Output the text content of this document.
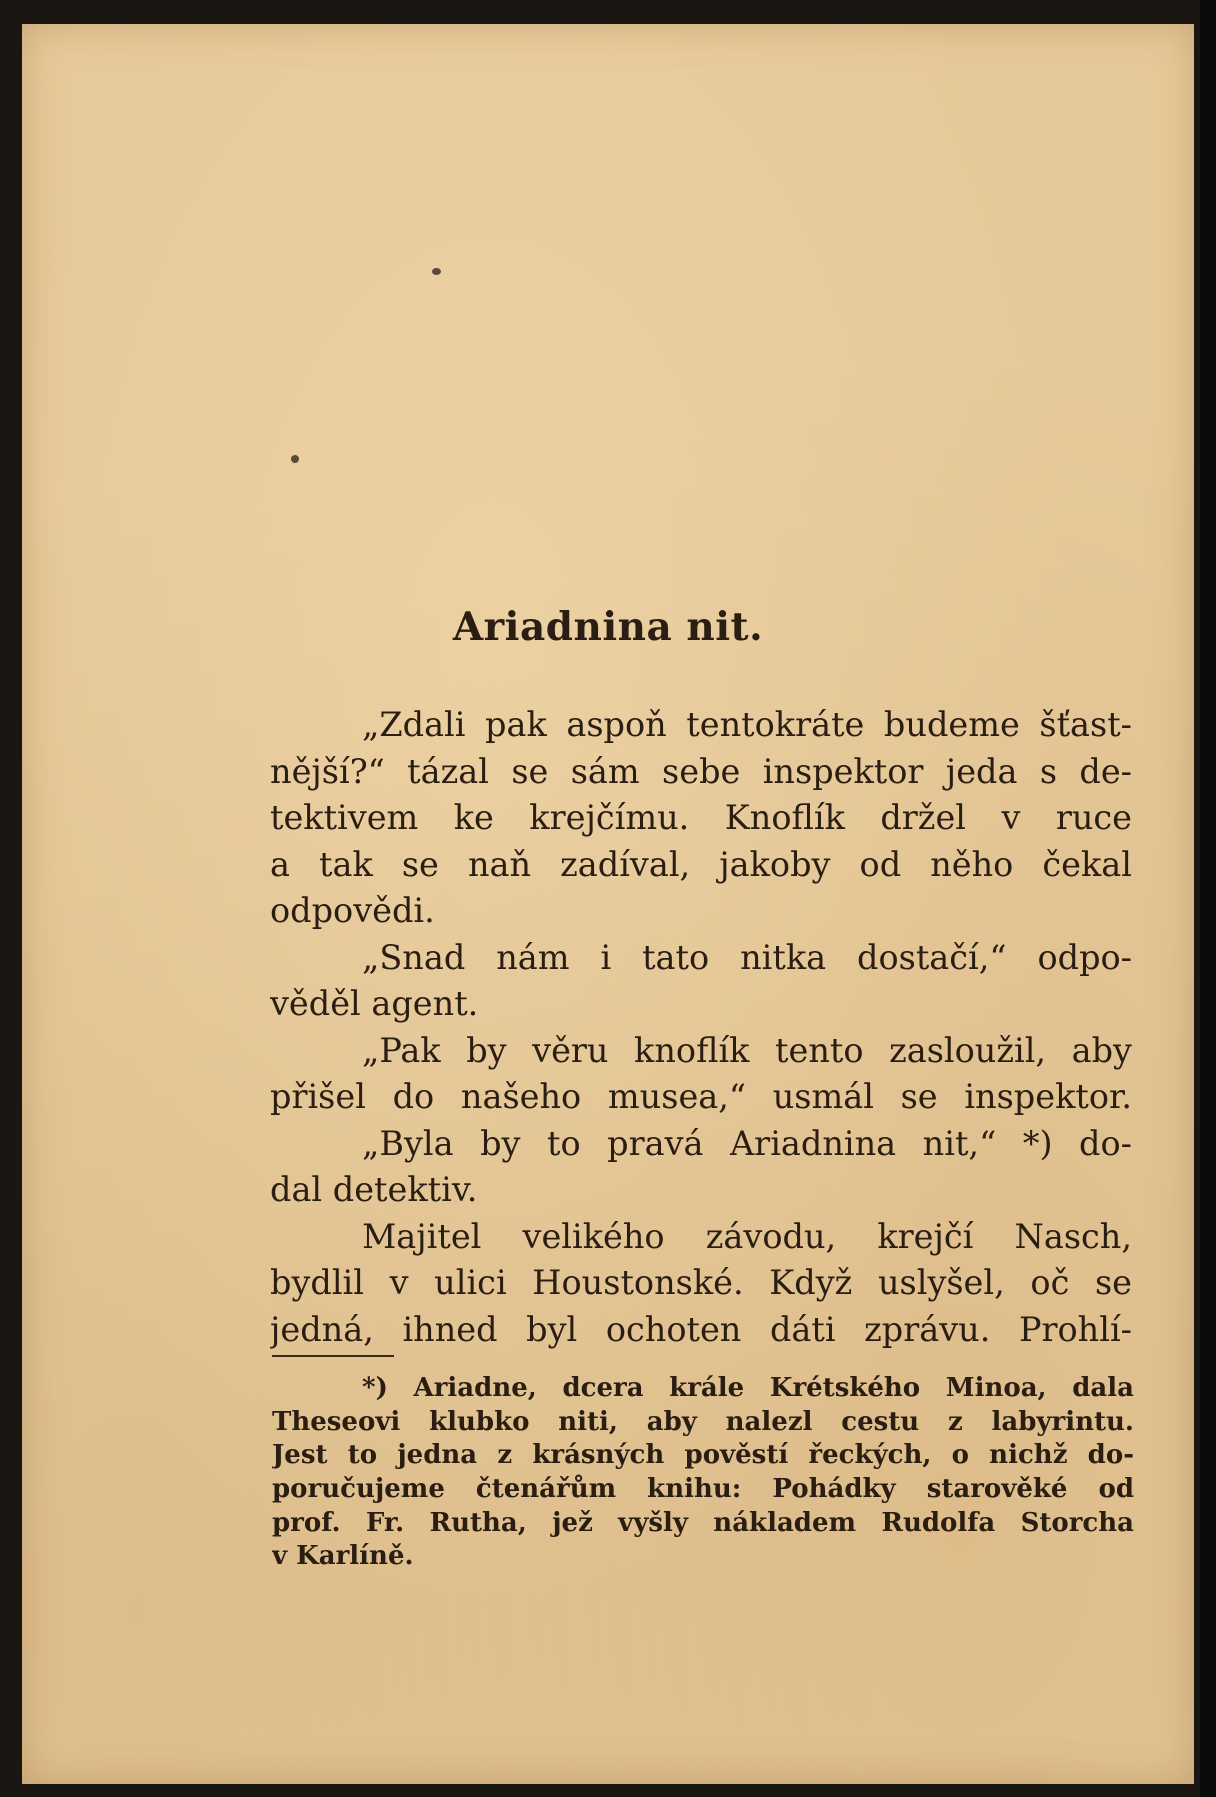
Ariadnina nit.
„Zdali pak aspoň tentokráte budeme šťast-
nější?“ tázal se sám sebe inspektor jeda s de-
tektivem ke krejčímu. Knoflík držel v ruce
a tak se naň zadíval, jakoby od něho čekal
odpovědi.
„Snad nám i tato nitka dostačí,“ odpo-
věděl agent.
„Pak by věru knoflík tento zasloužil, aby
přišel do našeho musea,“ usmál se inspektor.
„Byla by to pravá Ariadnina nit,“ *) do-
dal detektiv.
Majitel velikého závodu, krejčí Nasch,
bydlil v ulici Houstonské. Když uslyšel, oč se
jedná, ihned byl ochoten dáti zprávu. Prohlí-
*) Ariadne, dcera krále Krétského Minoa, dala
Theseovi klubko niti, aby nalezl cestu z labyrintu.
Jest to jedna z krásných pověstí řeckých, o nichž do-
poručujeme čtenářům knihu: Pohádky starověké od
prof. Fr. Rutha, jež vyšly nákladem Rudolfa Storcha
v Karlíně.
